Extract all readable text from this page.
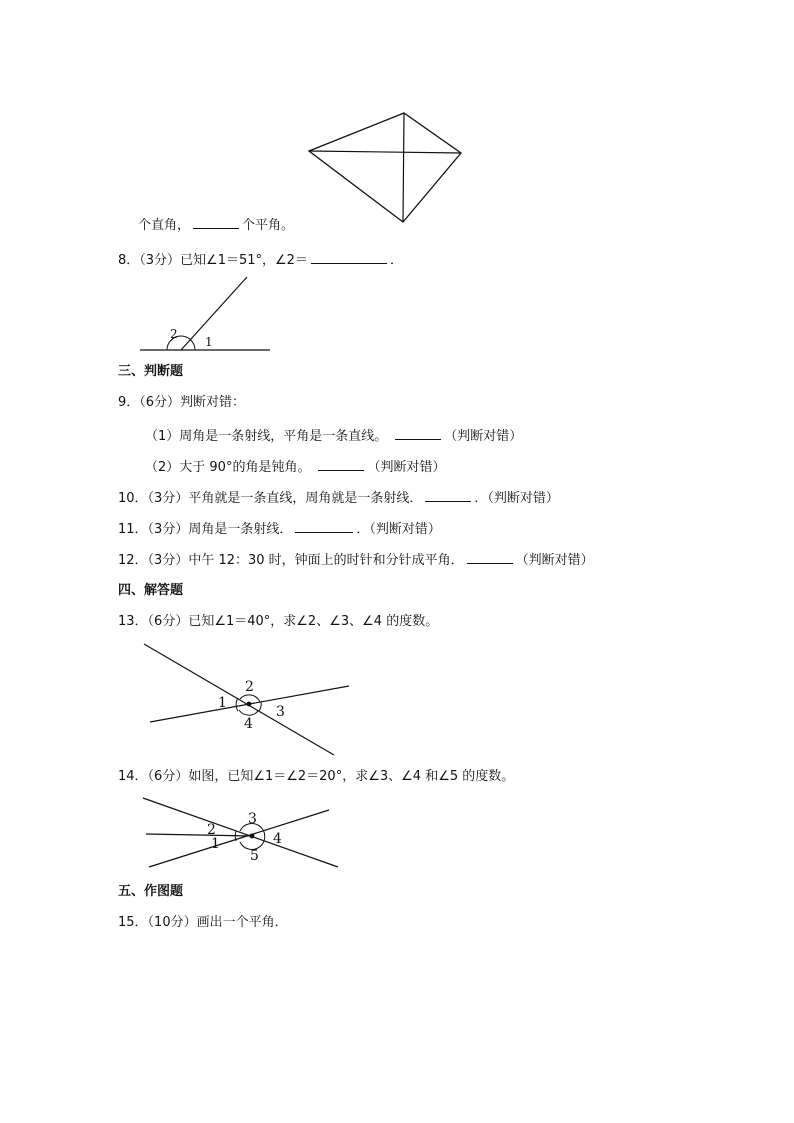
个直角，	个平角。
8．（3分）已知∠1＝51°，∠2＝	．
2
1
三、判断题
9．（6分）判断对错：
（1）周角是一条射线，平角是一条直线。	（判断对错）
（2）大于 90°的角是钝角。	（判断对错）
10．（3分）平角就是一条直线，周角就是一条射线．	．（判断对错）
11．（3分）周角是一条射线．	．（判断对错）
12．（3分）中午 12：30 时，钟面上的时针和分针成平角．	（判断对错）
四、解答题
13．（6分）已知∠1＝40°，求∠2、∠3、∠4 的度数。
1
2
3
4
14．（6分）如图，已知∠1＝∠2＝20°，求∠3、∠4 和∠5 的度数。
2
1
3
4
5
五、作图题
15．（10分）画出一个平角．
